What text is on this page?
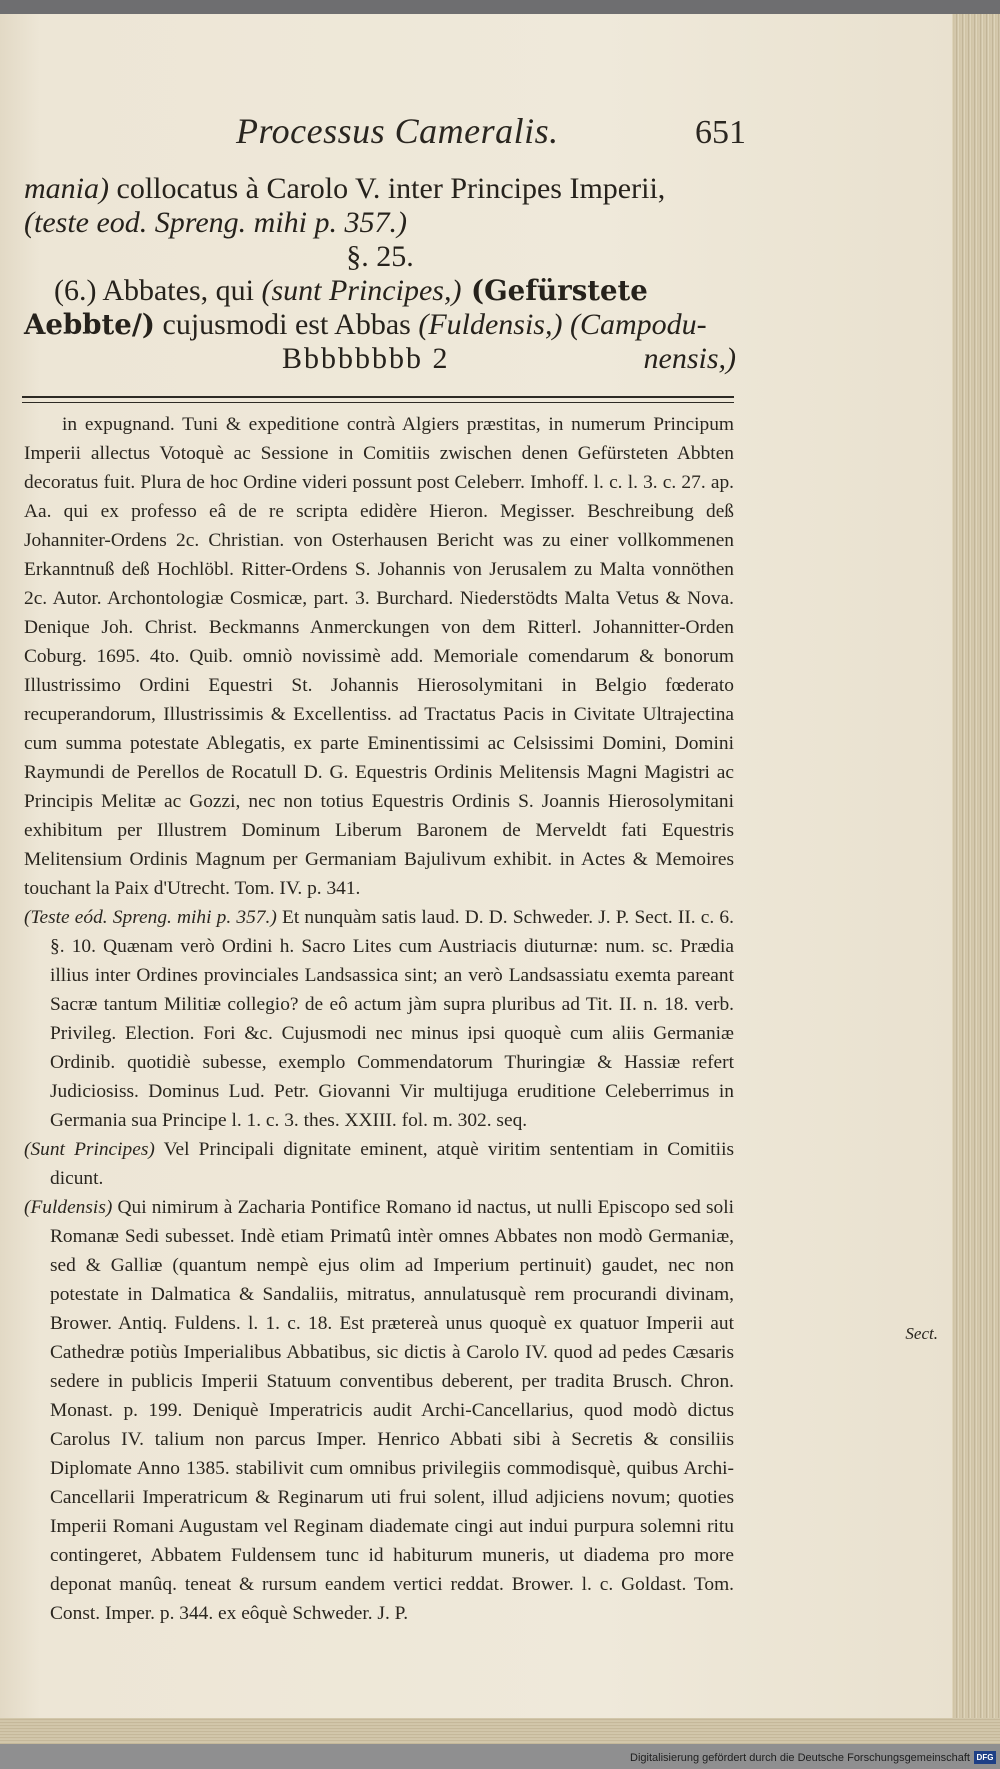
Processus Cameralis.	651

mania) collocatus à Carolo V. inter Principes Imperii,

(teste eod. Spreng. mihi p. 357.)

§. 25.

(6.) Abbates, qui (sunt Principes,) (Gefürstete

Aebbte/) cujusmodi est Abbas (Fuldensis,) (Campodu-

Bbbbbbbb 2	nensis,)

in expugnand. Tuni & expeditione contrà Algiers præstitas, in numerum Principum Imperii allectus Votoquè ac Sessione in Comitiis zwischen denen Gefürsteten Abbten decoratus fuit. Plura de hoc Ordine videri possunt post Celeberr. Imhoff. l. c. l. 3. c. 27. ap. Aa. qui ex professo eâ de re scripta edidère Hieron. Megisser. Beschreibung deß Johanniter-Ordens 2c. Christian. von Osterhausen Bericht was zu einer vollkommenen Erkanntnuß deß Hochlöbl. Ritter-Ordens S. Johannis von Jerusalem zu Malta vonnöthen 2c. Autor. Archontologiæ Cosmicæ, part. 3. Burchard. Niederstödts Malta Vetus & Nova. Denique Joh. Christ. Beckmanns Anmerckungen von dem Ritterl. Johannitter-Orden Coburg. 1695. 4to. Quib. omniò novissimè add. Memoriale comendarum & bonorum Illustrissimo Ordini Equestri St. Johannis Hierosolymitani in Belgio fœderato recuperandorum, Illustrissimis & Excellentiss. ad Tractatus Pacis in Civitate Ultrajectina cum summa potestate Ablegatis, ex parte Eminentissimi ac Celsissimi Domini, Domini Raymundi de Perellos de Rocatull D. G. Equestris Ordinis Melitensis Magni Magistri ac Principis Melitæ ac Gozzi, nec non totius Equestris Ordinis S. Joannis Hierosolymitani exhibitum per Illustrem Dominum Liberum Baronem de Merveldt fati Equestris Melitensium Ordinis Magnum per Germaniam Bajulivum exhibit. in Actes & Memoires touchant la Paix d'Utrecht. Tom. IV. p. 341.

(Teste eód. Spreng. mihi p. 357.) Et nunquàm satis laud. D. D. Schweder. J. P. Sect. II. c. 6. §. 10. Quænam verò Ordini h. Sacro Lites cum Austriacis diuturnæ: num. sc. Prædia illius inter Ordines provinciales Landsassica sint; an verò Landsassiatu exemta pareant Sacræ tantum Militiæ collegio? de eô actum jàm supra pluribus ad Tit. II. n. 18. verb. Privileg. Election. Fori &c. Cujusmodi nec minus ipsi quoquè cum aliis Germaniæ Ordinib. quotidiè subesse, exemplo Commendatorum Thuringiæ & Hassiæ refert Judiciosiss. Dominus Lud. Petr. Giovanni Vir multijuga eruditione Celeberrimus in Germania sua Principe l. 1. c. 3. thes. XXIII. fol. m. 302. seq.

(Sunt Principes) Vel Principali dignitate eminent, atquè viritim sententiam in Comitiis dicunt.

(Fuldensis) Qui nimirum à Zacharia Pontifice Romano id nactus, ut nulli Episcopo sed soli Romanæ Sedi subesset. Indè etiam Primatû intèr omnes Abbates non modò Germaniæ, sed & Galliæ (quantum nempè ejus olim ad Imperium pertinuit) gaudet, nec non potestate in Dalmatica & Sandaliis, mitratus, annulatusquè rem procurandi divinam, Brower. Antiq. Fuldens. l. 1. c. 18. Est prætereà unus quoquè ex quatuor Imperii aut Cathedræ potiùs Imperialibus Abbatibus, sic dictis à Carolo IV. quod ad pedes Cæsaris sedere in publicis Imperii Statuum conventibus deberent, per tradita Brusch. Chron. Monast. p. 199. Deniquè Imperatricis audit Archi-Cancellarius, quod modò dictus Carolus IV. talium non parcus Imper. Henrico Abbati sibi à Secretis & consiliis Diplomate Anno 1385. stabilivit cum omnibus privilegiis commodisquè, quibus Archi-Cancellarii Imperatricum & Reginarum uti frui solent, illud adjiciens novum; quoties Imperii Romani Augustam vel Reginam diademate cingi aut indui purpura solemni ritu contingeret, Abbatem Fuldensem tunc id habiturum muneris, ut diadema pro more deponat manûq. teneat & rursum eandem vertici reddat. Brower. l. c. Goldast. Tom. Const. Imper. p. 344. ex eôquè Schweder. J. P.

Sect.
Digitalisierung gefördert durch die Deutsche Forschungsgemeinschaft DFG
